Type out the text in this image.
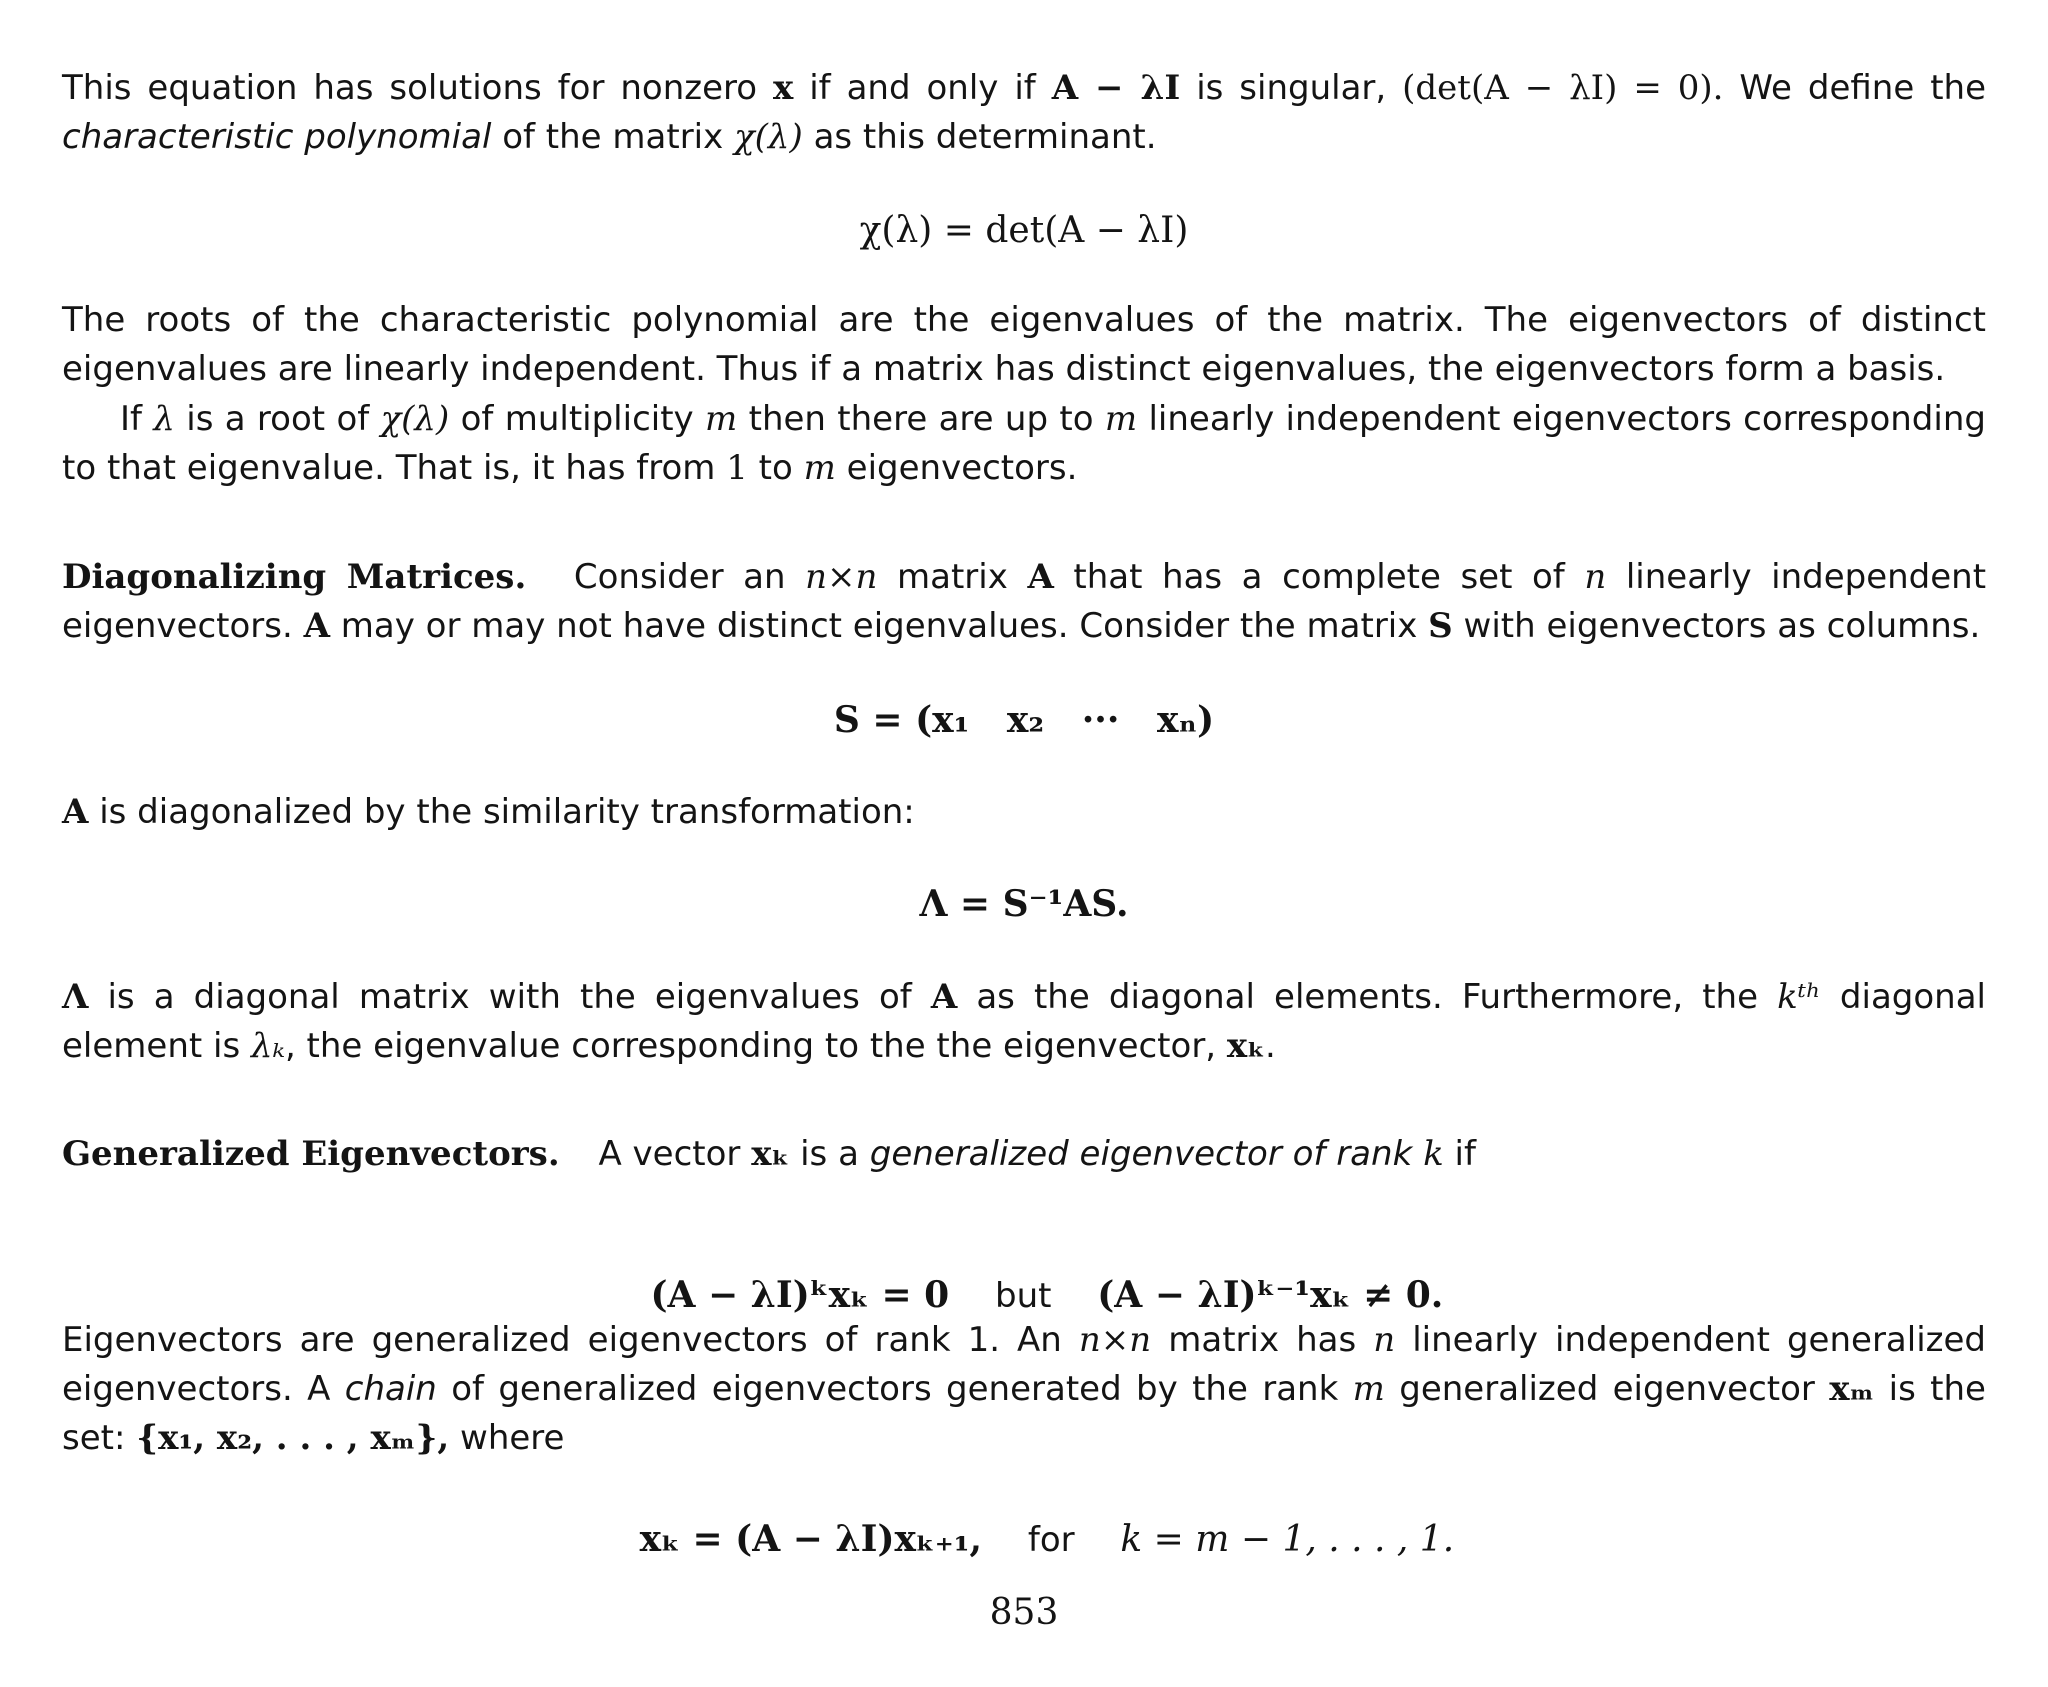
This equation has solutions for nonzero x if and only if A − λI is singular, (det(A − λI) = 0). We define the characteristic polynomial of the matrix χ(λ) as this determinant.

χ(λ) = det(A − λI)

The roots of the characteristic polynomial are the eigenvalues of the matrix. The eigenvectors of distinct eigenvalues are linearly independent. Thus if a matrix has distinct eigenvalues, the eigenvectors form a basis.

If λ is a root of χ(λ) of multiplicity m then there are up to m linearly independent eigenvectors corresponding to that eigenvalue. That is, it has from 1 to m eigenvectors.

Diagonalizing Matrices. Consider an n×n matrix A that has a complete set of n linearly independent eigenvectors. A may or may not have distinct eigenvalues. Consider the matrix S with eigenvectors as columns.

S = (x₁   x₂   ···   xₙ)

A is diagonalized by the similarity transformation:

Λ = S⁻¹AS.

Λ is a diagonal matrix with the eigenvalues of A as the diagonal elements. Furthermore, the kᵗʰ diagonal element is λₖ, the eigenvalue corresponding to the the eigenvector, xₖ.

Generalized Eigenvectors. A vector xₖ is a generalized eigenvector of rank k if

(A − λI)ᵏxₖ = 0 but (A − λI)ᵏ⁻¹xₖ ≠ 0.

Eigenvectors are generalized eigenvectors of rank 1. An n×n matrix has n linearly independent generalized eigenvectors. A chain of generalized eigenvectors generated by the rank m generalized eigenvector xₘ is the set: {x₁, x₂, . . . , xₘ}, where

xₖ = (A − λI)xₖ₊₁, for k = m − 1, . . . , 1.

853
